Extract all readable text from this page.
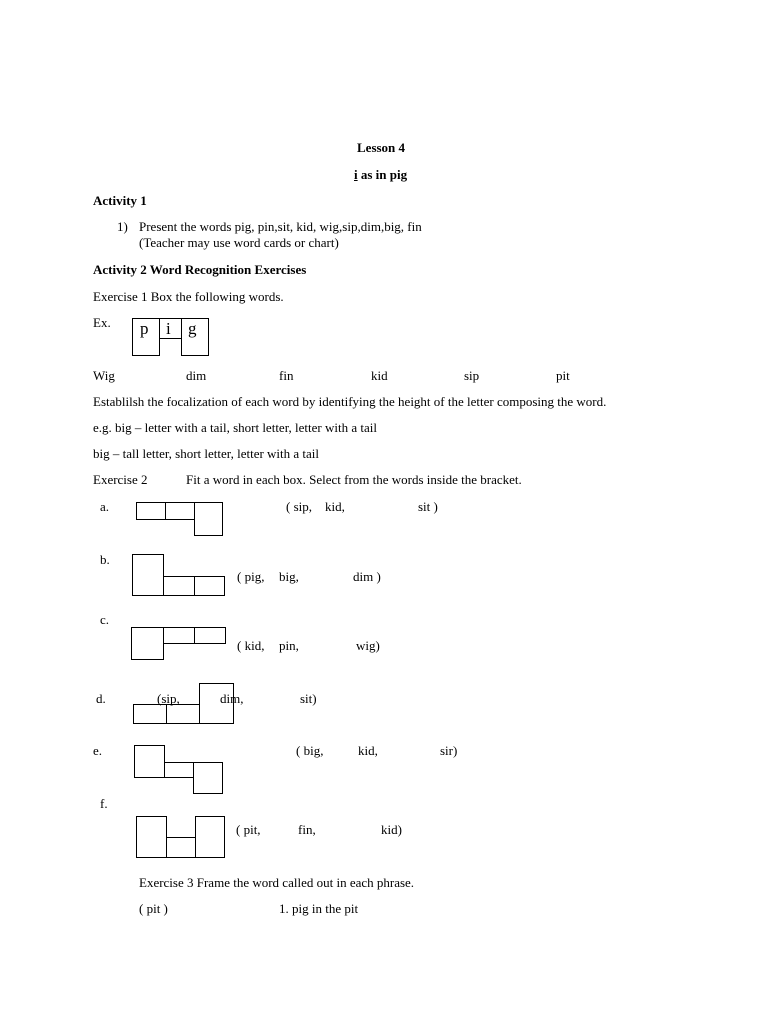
Lesson 4
i as in pig
Activity 1
1) Present the words pig, pin,sit, kid, wig,sip,dim,big, fin
(Teacher may use word cards or chart)
Activity 2 Word Recognition Exercises
Exercise 1 Box the following words.
Ex. p i g
Wig	dim	fin	kid	sip	pit
Establilsh the focalization of each word by identifying the height of the letter composing the word.
e.g. big – letter with a tail, short letter, letter with a tail
big – tall letter, short letter, letter with a tail
Exercise 2	Fit a word in each box. Select from the words inside the bracket.
a.	( sip, kid,	sit )
b.
( pig, big,	dim )
c.
( kid, pin,	wig)
d.	(sip,	dim,	sit)
e.	( big,	kid,	sir)
f.
( pit,	fin,	kid)
Exercise 3 Frame the word called out in each phrase.
( pit )	1. pig in the pit
